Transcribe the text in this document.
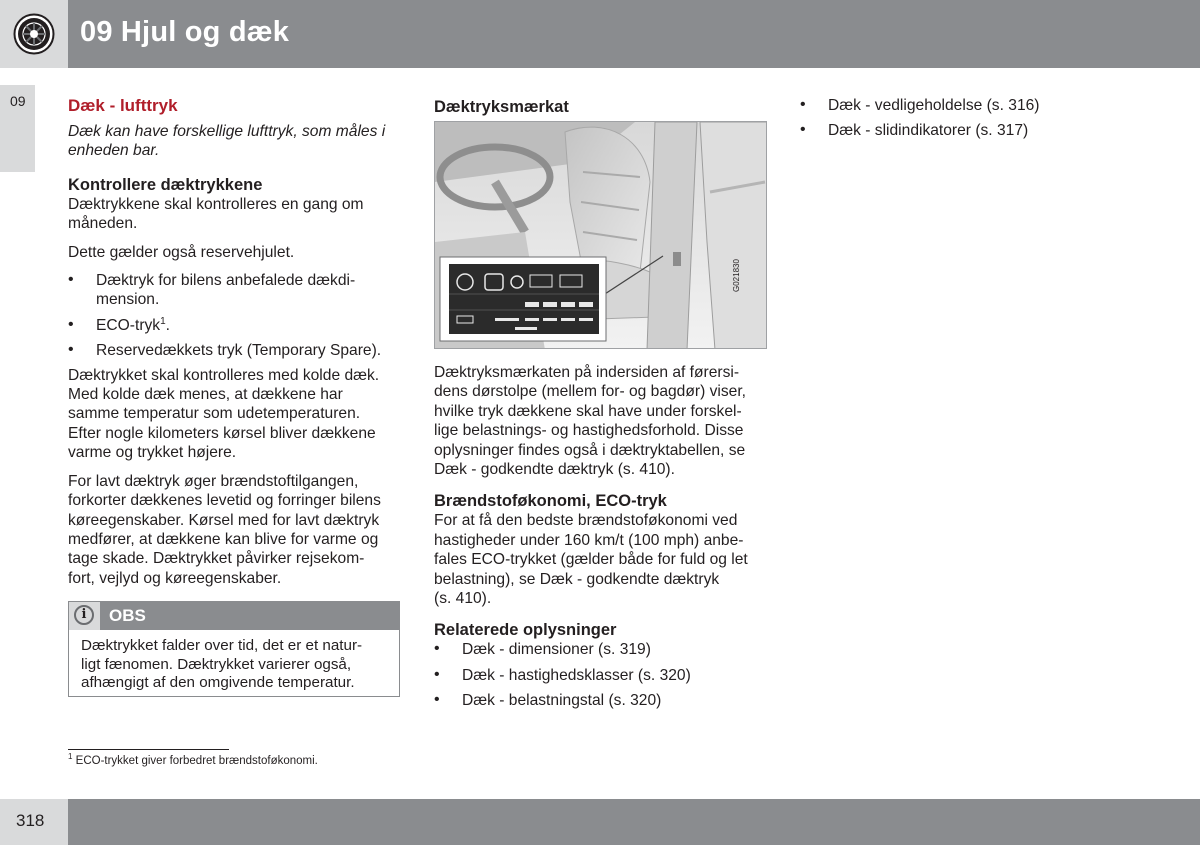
09 Hjul og dæk
09 Dæk - lufttryk

Dæk kan have forskellige lufttryk, som måles i
enheden bar.

Kontrollere dæktrykkene

Dæktrykkene skal kontrolleres en gang om
måneden.

Dette gælder også reservehjulet.

• Dæktryk for bilens anbefalede dækdi-
mension.

• ECO-tryk$^1$.

• Reservedækkets tryk (Temporary Spare).

Dæktrykket skal kontrolleres med kolde dæk.
Med kolde dæk menes, at dækkene har
samme temperatur som udetemperaturen.
Efter nogle kilometers kørsel bliver dækkene
varme og trykket højere.

For lavt dæktryk øger brændstoftilgangen,
forkorter dækkenes levetid og forringer bilens
køreegenskaber. Kørsel med for lavt dæktryk
medfører, at dækkene kan blive for varme og
tage skade. Dæktrykket påvirker rejsekom-
fort, vejlyd og køreegenskaber.

i	OBS
Dæktrykket falder over tid, det er et natur-
ligt fænomen. Dæktrykket varierer også,
afhængigt af den omgivende temperatur.

Dæktryksmærkat

G021830

Dæktryksmærkaten på indersiden af førersi-
dens dørstolpe (mellem for- og bagdør) viser,
hvilke tryk dækkene skal have under forskel-
lige belastnings- og hastighedsforhold. Disse
oplysninger findes også i dæktryktabellen, se
Dæk - godkendte dæktryk (s. 410).

Brændstoføkonomi, ECO-tryk

For at få den bedste brændstoføkonomi ved
hastigheder under 160 km/t (100 mph) anbe-
fales ECO-trykket (gælder både for fuld og let
belastning), se Dæk - godkendte dæktryk
(s. 410).

Relaterede oplysninger

• Dæk - dimensioner (s. 319)

• Dæk - hastighedsklasser (s. 320)

• Dæk - belastningstal (s. 320)

• Dæk - vedligeholdelse (s. 316)

• Dæk - slidindikatorer (s. 317)

$^1$ ECO-trykket giver forbedret brændstoføkonomi.
318
